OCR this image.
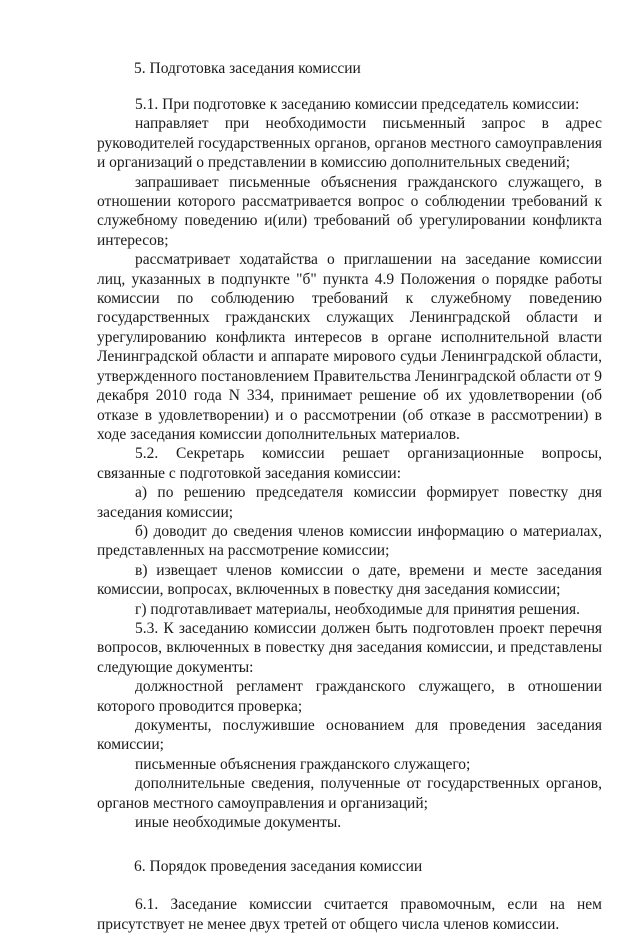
5. Подготовка заседания комиссии

5.1. При подготовке к заседанию комиссии председатель комиссии:

направляет при необходимости письменный запрос в адрес руководителей государственных органов, органов местного самоуправления и организаций о представлении в комиссию дополнительных сведений;

запрашивает письменные объяснения гражданского служащего, в отношении которого рассматривается вопрос о соблюдении требований к служебному поведению и(или) требований об урегулировании конфликта интересов;

рассматривает ходатайства о приглашении на заседание комиссии лиц, указанных в подпункте "б" пункта 4.9 Положения о порядке работы комиссии по соблюдению требований к служебному поведению государственных гражданских служащих Ленинградской области и урегулированию конфликта интересов в органе исполнительной власти Ленинградской области и аппарате мирового судьи Ленинградской области, утвержденного постановлением Правительства Ленинградской области от 9 декабря 2010 года N 334, принимает решение об их удовлетворении (об отказе в удовлетворении) и о рассмотрении (об отказе в рассмотрении) в ходе заседания комиссии дополнительных материалов.

5.2. Секретарь комиссии решает организационные вопросы, связанные с подготовкой заседания комиссии:

а) по решению председателя комиссии формирует повестку дня заседания комиссии;

б) доводит до сведения членов комиссии информацию о материалах, представленных на рассмотрение комиссии;

в) извещает членов комиссии о дате, времени и месте заседания комиссии, вопросах, включенных в повестку дня заседания комиссии;

г) подготавливает материалы, необходимые для принятия решения.

5.3. К заседанию комиссии должен быть подготовлен проект перечня вопросов, включенных в повестку дня заседания комиссии, и представлены следующие документы:

должностной регламент гражданского служащего, в отношении которого проводится проверка;

документы, послужившие основанием для проведения заседания комиссии;

письменные объяснения гражданского служащего;

дополнительные сведения, полученные от государственных органов, органов местного самоуправления и организаций;

иные необходимые документы.

6. Порядок проведения заседания комиссии

6.1. Заседание комиссии считается правомочным, если на нем присутствует не менее двух третей от общего числа членов комиссии.
